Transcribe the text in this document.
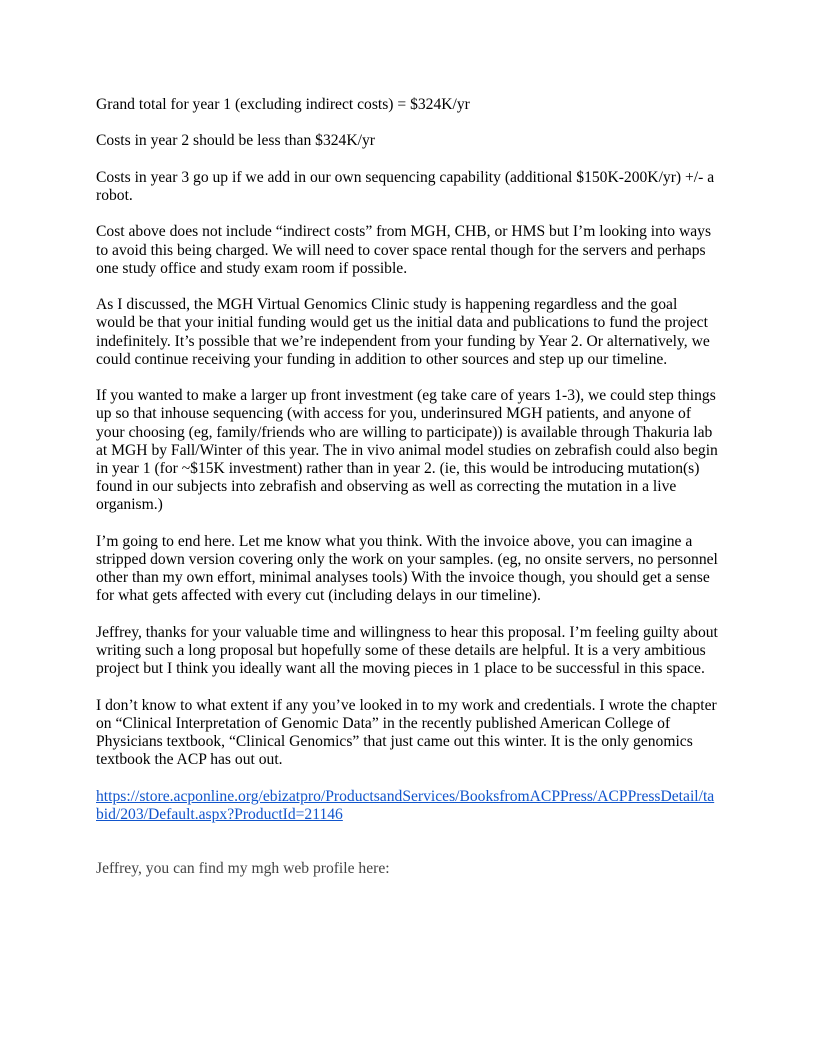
Grand total for year 1 (excluding indirect costs) = $324K/yr

Costs in year 2 should be less than $324K/yr

Costs in year 3 go up if we add in our own sequencing capability (additional $150K-200K/yr) +/- a robot.

Cost above does not include “indirect costs” from MGH, CHB, or HMS but I’m looking into ways to avoid this being charged. We will need to cover space rental though for the servers and perhaps one study office and study exam room if possible.

As I discussed, the MGH Virtual Genomics Clinic study is happening regardless and the goal would be that your initial funding would get us the initial data and publications to fund the project indefinitely. It’s possible that we’re independent from your funding by Year 2. Or alternatively, we could continue receiving your funding in addition to other sources and step up our timeline.

If you wanted to make a larger up front investment (eg take care of years 1-3), we could step things up so that inhouse sequencing (with access for you, underinsured MGH patients, and anyone of your choosing (eg, family/friends who are willing to participate)) is available through Thakuria lab at MGH by Fall/Winter of this year. The in vivo animal model studies on zebrafish could also begin in year 1 (for ~$15K investment) rather than in year 2. (ie, this would be introducing mutation(s) found in our subjects into zebrafish and observing as well as correcting the mutation in a live organism.)

I’m going to end here. Let me know what you think. With the invoice above, you can imagine a stripped down version covering only the work on your samples. (eg, no onsite servers, no personnel other than my own effort, minimal analyses tools) With the invoice though, you should get a sense for what gets affected with every cut (including delays in our timeline).

Jeffrey, thanks for your valuable time and willingness to hear this proposal. I’m feeling guilty about writing such a long proposal but hopefully some of these details are helpful. It is a very ambitious project but I think you ideally want all the moving pieces in 1 place to be successful in this space.

I don’t know to what extent if any you’ve looked in to my work and credentials. I wrote the chapter on “Clinical Interpretation of Genomic Data” in the recently published American College of Physicians textbook, “Clinical Genomics” that just came out this winter. It is the only genomics textbook the ACP has out out.

https://store.acponline.org/ebizatpro/ProductsandServices/BooksfromACPPress/ACPPressDetail/tabid/203/Default.aspx?ProductId=21146

Jeffrey, you can find my mgh web profile here:
